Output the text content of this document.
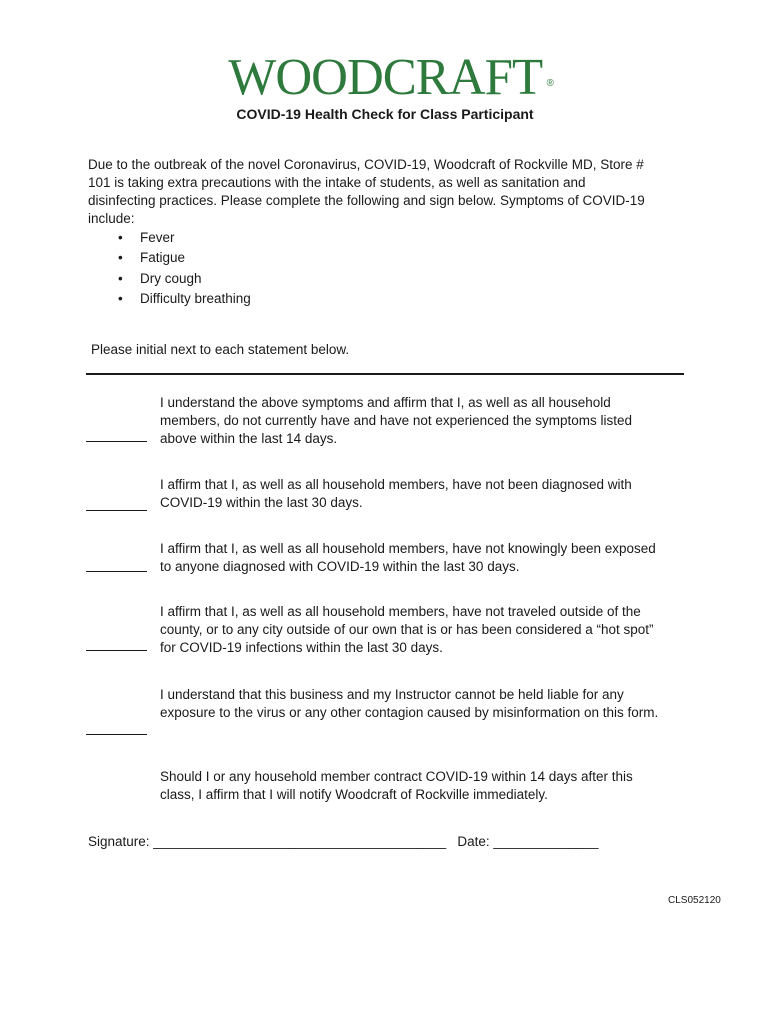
WOODCRAFT ®
COVID-19 Health Check for Class Participant
Due to the outbreak of the novel Coronavirus, COVID-19, Woodcraft of Rockville MD, Store # 101 is taking extra precautions with the intake of students, as well as sanitation and disinfecting practices. Please complete the following and sign below. Symptoms of COVID-19 include:
• Fever
• Fatigue
• Dry cough
• Difficulty breathing
Please initial next to each statement below.
I understand the above symptoms and affirm that I, as well as all household members, do not currently have and have not experienced the symptoms listed above within the last 14 days.
I affirm that I, as well as all household members, have not been diagnosed with COVID-19 within the last 30 days.
I affirm that I, as well as all household members, have not knowingly been exposed to anyone diagnosed with COVID-19 within the last 30 days.
I affirm that I, as well as all household members, have not traveled outside of the county, or to any city outside of our own that is or has been considered a “hot spot” for COVID-19 infections within the last 30 days.
I understand that this business and my Instructor cannot be held liable for any exposure to the virus or any other contagion caused by misinformation on this form.
Should I or any household member contract COVID-19 within 14 days after this class, I affirm that I will notify Woodcraft of Rockville immediately.
Signature: _______________________________________ Date: ______________
CLS052120
